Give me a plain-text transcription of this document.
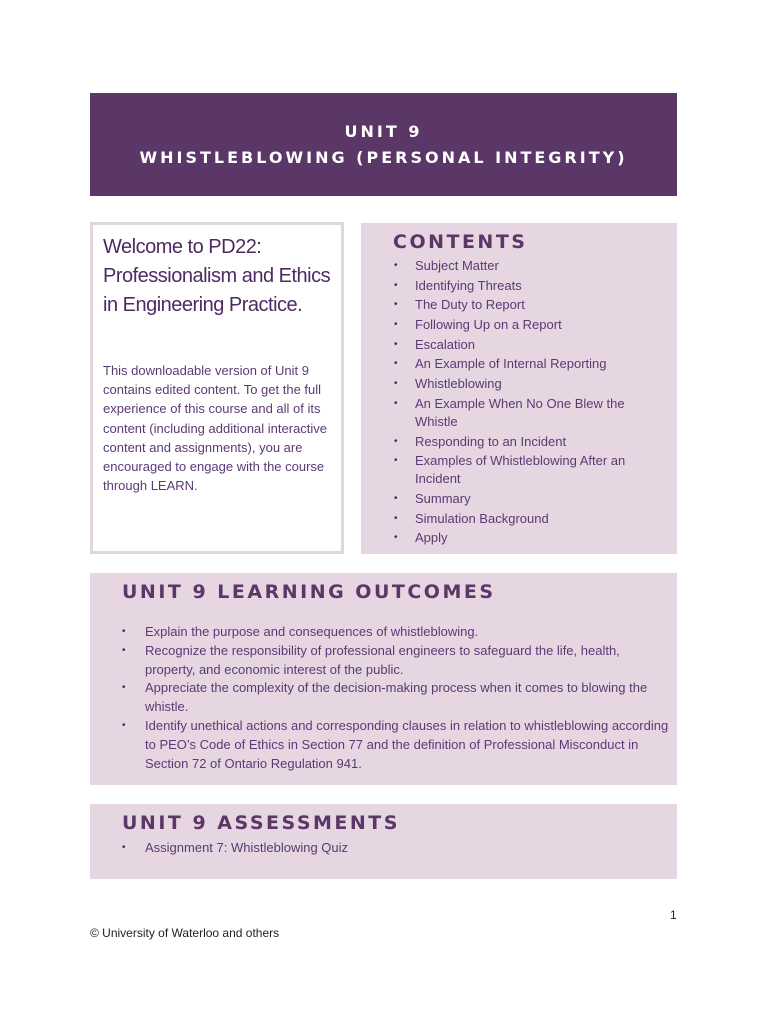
UNIT 9
WHISTLEBLOWING (PERSONAL INTEGRITY)
Welcome to PD22: Professionalism and Ethics in Engineering Practice.
This downloadable version of Unit 9 contains edited content. To get the full experience of this course and all of its content (including additional interactive content and assignments), you are encouraged to engage with the course through LEARN.
CONTENTS
• Subject Matter
• Identifying Threats
• The Duty to Report
• Following Up on a Report
• Escalation
• An Example of Internal Reporting
• Whistleblowing
• An Example When No One Blew the Whistle
• Responding to an Incident
• Examples of Whistleblowing After an Incident
• Summary
• Simulation Background
• Apply
UNIT 9 LEARNING OUTCOMES
• Explain the purpose and consequences of whistleblowing.
• Recognize the responsibility of professional engineers to safeguard the life, health, property, and economic interest of the public.
• Appreciate the complexity of the decision-making process when it comes to blowing the whistle.
• Identify unethical actions and corresponding clauses in relation to whistleblowing according to PEO’s Code of Ethics in Section 77 and the definition of Professional Misconduct in Section 72 of Ontario Regulation 941.
UNIT 9 ASSESSMENTS
• Assignment 7: Whistleblowing Quiz
1
© University of Waterloo and others
